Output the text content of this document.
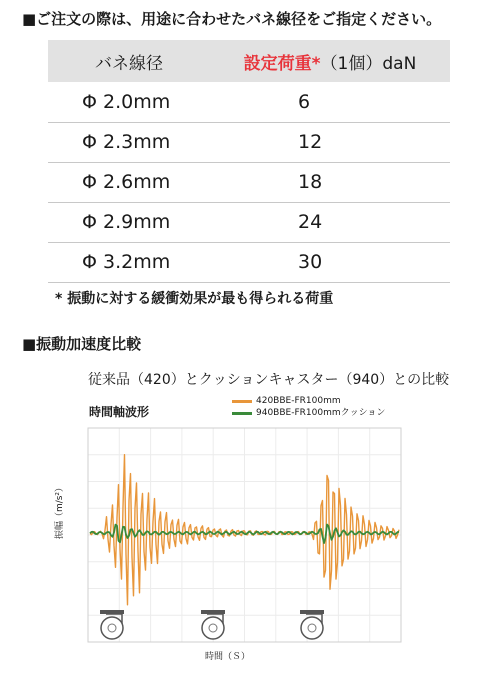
■ご注文の際は、用途に合わせたバネ線径をご指定ください。
バネ線径	設定荷重*（1個）daN
Φ 2.0mm	6
Φ 2.3mm	12
Φ 2.6mm	18
Φ 2.9mm	24
Φ 3.2mm	30
* 振動に対する緩衝効果が最も得られる荷重
■振動加速度比較
従来品（420）とクッションキャスター（940）との比較
時間軸波形
420BBE-FR100mm
940BBE-FR100mmクッション
振幅（m/s²）
時間（Ｓ）
